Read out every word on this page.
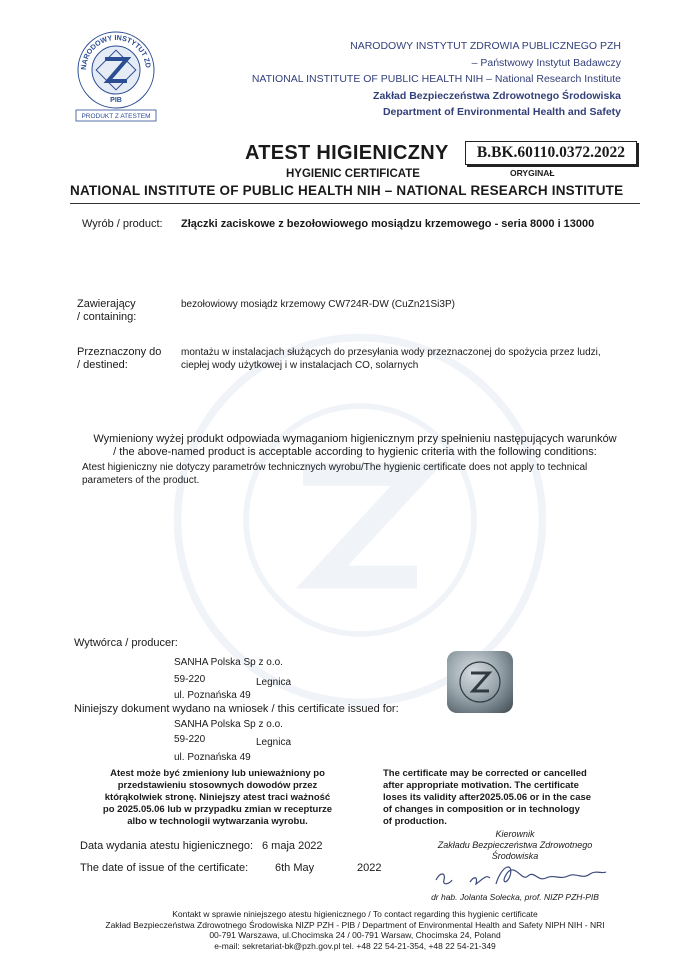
NARODOWY INSTYTUT ZD
PIB
PZH
PRODUKT Z ATESTEM
NARODOWY INSTYTUT ZDROWIA PUBLICZNEGO PZH
– Państwowy Instytut Badawczy
NATIONAL INSTITUTE OF PUBLIC HEALTH NIH – National Research Institute
Zakład Bezpieczeństwa Zdrowotnego Środowiska
Department of Environmental Health and Safety
ATEST HIGIENICZNY	B.BK.60110.0372.2022
HYGIENIC CERTIFICATE	ORYGINAŁ
NATIONAL INSTITUTE OF PUBLIC HEALTH NIH – NATIONAL RESEARCH INSTITUTE
Wyrób / product: Złączki zaciskowe z bezołowiowego mosiądzu krzemowego - seria 8000 i 13000
Zawierający
/ containing:
bezołowiowy mosiądz krzemowy CW724R-DW (CuZn21Si3P)
Przeznaczony do
/ destined:
montażu w instalacjach służących do przesyłania wody przeznaczonej do spożycia przez ludzi,
ciepłej wody użytkowej i w instalacjach CO, solarnych
Wymieniony wyżej produkt odpowiada wymaganiom higienicznym przy spełnieniu następujących warunków
/ the above-named product is acceptable according to hygienic criteria with the following conditions:
Atest higieniczny nie dotyczy parametrów technicznych wyrobu/The hygienic certificate does not apply to technical
parameters of the product.
Wytwórca / producer:
SANHA Polska Sp z o.o.
59-220	Legnica
ul. Poznańska 49
Niniejszy dokument wydano na wniosek / this certificate issued for:
SANHA Polska Sp z o.o.
59-220	Legnica
ul. Poznańska 49
Atest może być zmieniony lub unieważniony po
przedstawieniu stosownych dowodów przez
którąkolwiek stronę. Niniejszy atest traci ważność
po 2025.05.06 lub w przypadku zmian w recepturze
albo w technologii wytwarzania wyrobu.
The certificate may be corrected or cancelled
after appropriate motivation. The certificate
loses its validity after2025.05.06 or in the case
of changes in composition or in technology
of production.
Data wydania atestu higienicznego: 6 maja 2022
The date of issue of the certificate: 6th May	2022
Kierownik
Zakładu Bezpieczeństwa Zdrowotnego
Środowiska
dr hab. Jolanta Solecka, prof. NIZP PZH-PIB
Kontakt w sprawie niniejszego atestu higienicznego / To contact regarding this hygienic certificate
Zakład Bezpieczeństwa Zdrowotnego Środowiska NIZP PZH - PIB / Department of Environmental Health and Safety NIPH NIH - NRI
00-791 Warszawa, ul.Chocimska 24 / 00-791 Warsaw, Chocimska 24, Poland
e-mail: sekretariat-bk@pzh.gov.pl tel. +48 22 54-21-354, +48 22 54-21-349
